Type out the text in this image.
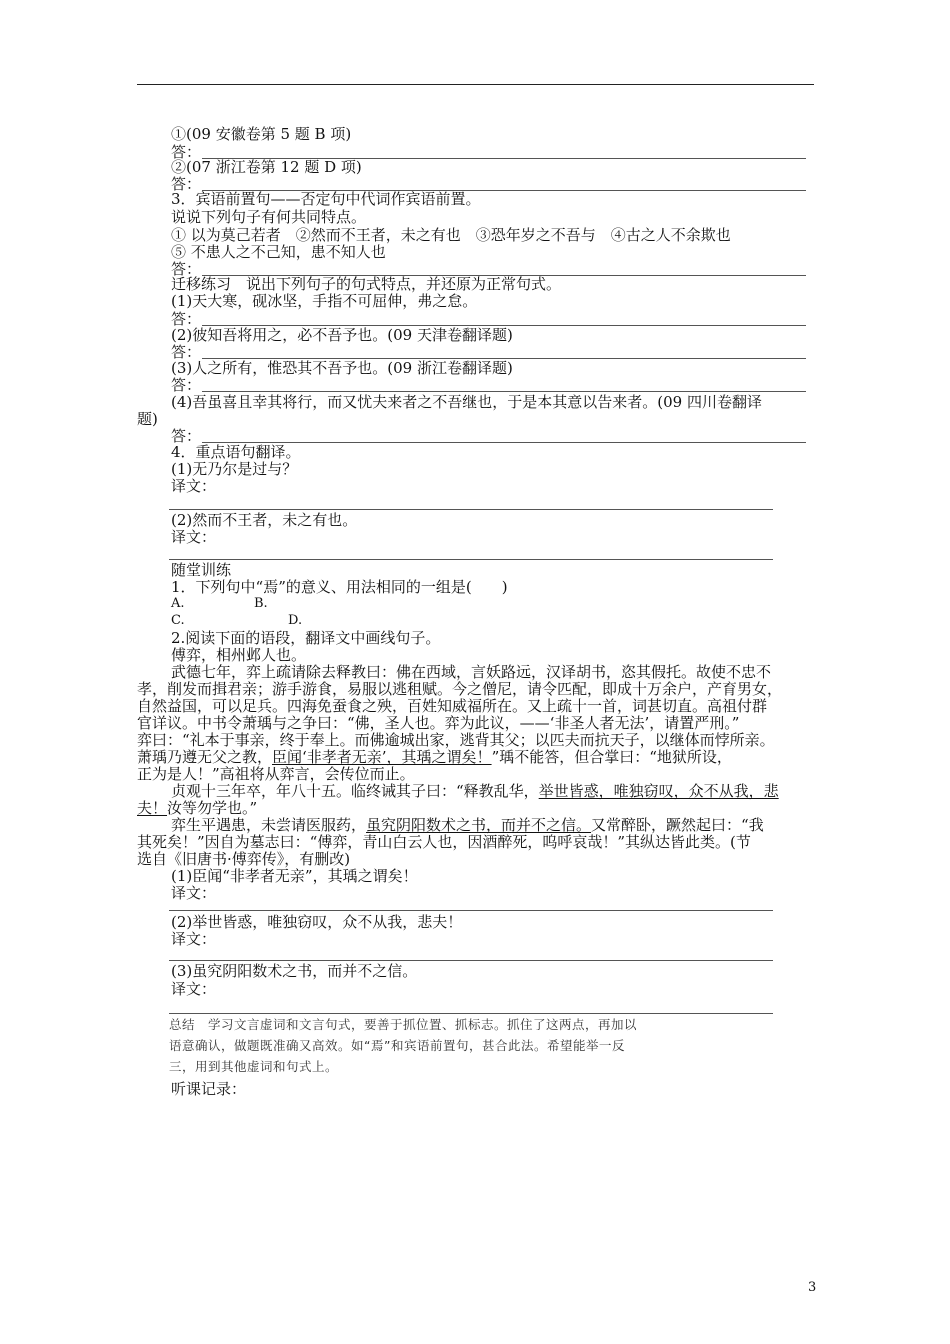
①(09 安徽卷第 5 题 B 项)
答：
②(07 浙江卷第 12 题 D 项)
答：
3．宾语前置句——否定句中代词作宾语前置。
说说下列句子有何共同特点。
① 以为莫己若者　②然而不王者，未之有也　③恐年岁之不吾与　④古之人不余欺也
⑤ 不患人之不己知，患不知人也
答：
迁移练习　说出下列句子的句式特点，并还原为正常句式。
(1)天大寒，砚冰坚，手指不可屈伸，弗之怠。
答：
(2)彼知吾将用之，必不吾予也。(09 天津卷翻译题)
答：
(3)人之所有，惟恐其不吾予也。(09 浙江卷翻译题)
答：
(4)吾虽喜且幸其将行，而又忧夫来者之不吾继也，于是本其意以告来者。(09 四川卷翻译
题)
答：
4．重点语句翻译。
(1)无乃尔是过与？
译文：
(2)然而不王者，未之有也。
译文：
随堂训练
1．下列句中“焉”的意义、用法相同的一组是(　　)
A.	B.
C.	D.
2.阅读下面的语段，翻译文中画线句子。
傅弈，相州邺人也。
武德七年，弈上疏请除去释教曰：佛在西域，言妖路远，汉译胡书，恣其假托。故使不忠不
孝，削发而揖君亲；游手游食，易服以逃租赋。今之僧尼，请令匹配，即成十万余户，产育男女，
自然益国，可以足兵。四海免蚕食之殃，百姓知威福所在。又上疏十一首，词甚切直。高祖付群
官详议。中书令萧瑀与之争曰：“佛，圣人也。弈为此议，——‘非圣人者无法’，请置严刑。”
弈曰：“礼本于事亲，终于奉上。而佛逾城出家，逃背其父；以匹夫而抗天子，以继体而悖所亲。
萧瑀乃遵无父之教，臣闻‘非孝者无亲’，其瑀之谓矣！”瑀不能答，但合掌曰：“地狱所设，
正为是人！”高祖将从弈言，会传位而止。
贞观十三年卒，年八十五。临终诫其子曰：“释教乱华，举世皆惑，唯独窃叹，众不从我，悲
夫！汝等勿学也。”
弈生平遇患，未尝请医服药，虽究阴阳数术之书，而并不之信。又常醉卧，蹶然起曰：“我
其死矣！”因自为墓志曰：“傅弈，青山白云人也，因酒醉死，呜呼哀哉！”其纵达皆此类。(节
选自《旧唐书·傅弈传》，有删改)
(1)臣闻“非孝者无亲”，其瑀之谓矣！
译文：
(2)举世皆惑，唯独窃叹，众不从我，悲夫！
译文：
(3)虽究阴阳数术之书，而并不之信。
译文：
总结　学习文言虚词和文言句式，要善于抓位置、抓标志。抓住了这两点，再加以
语意确认，做题既准确又高效。如“焉”和宾语前置句，甚合此法。希望能举一反
三，用到其他虚词和句式上。
听课记录：
3
